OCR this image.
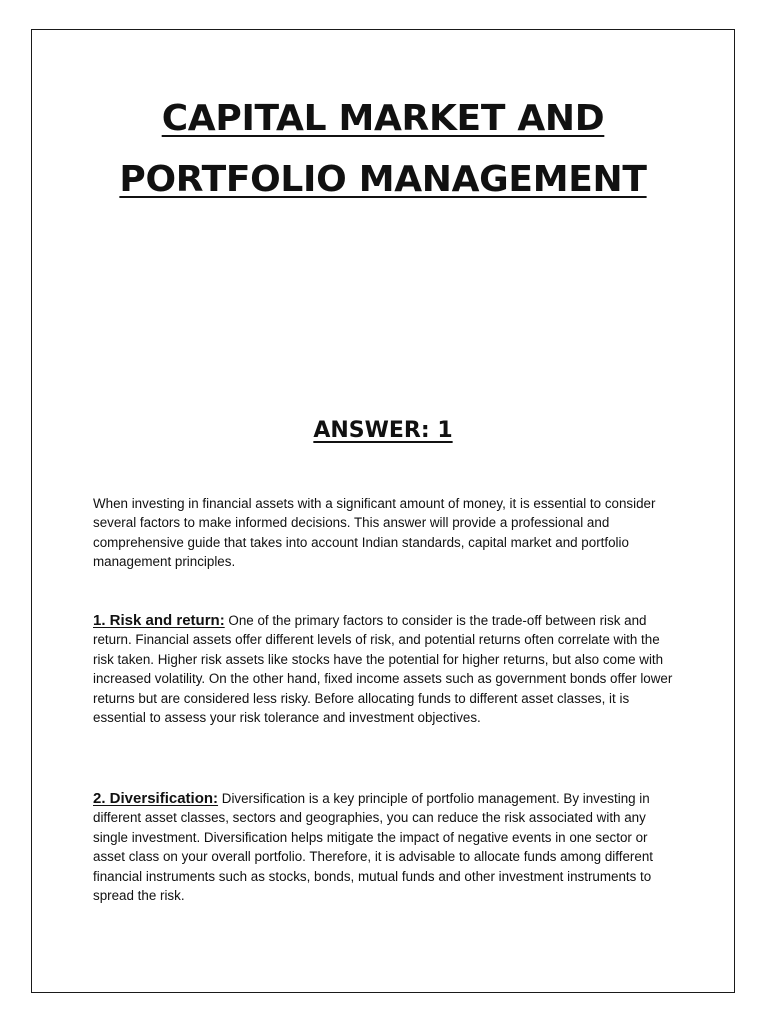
CAPITAL MARKET AND
PORTFOLIO MANAGEMENT
ANSWER: 1

When investing in financial assets with a significant amount of money, it is essential to consider several factors to make informed decisions. This answer will provide a professional and comprehensive guide that takes into account Indian standards, capital market and portfolio management principles.

1. Risk and return: One of the primary factors to consider is the trade-off between risk and return. Financial assets offer different levels of risk, and potential returns often correlate with the risk taken. Higher risk assets like stocks have the potential for higher returns, but also come with increased volatility. On the other hand, fixed income assets such as government bonds offer lower returns but are considered less risky. Before allocating funds to different asset classes, it is essential to assess your risk tolerance and investment objectives.

2. Diversification: Diversification is a key principle of portfolio management. By investing in different asset classes, sectors and geographies, you can reduce the risk associated with any single investment. Diversification helps mitigate the impact of negative events in one sector or asset class on your overall portfolio. Therefore, it is advisable to allocate funds among different financial instruments such as stocks, bonds, mutual funds and other investment instruments to spread the risk.
